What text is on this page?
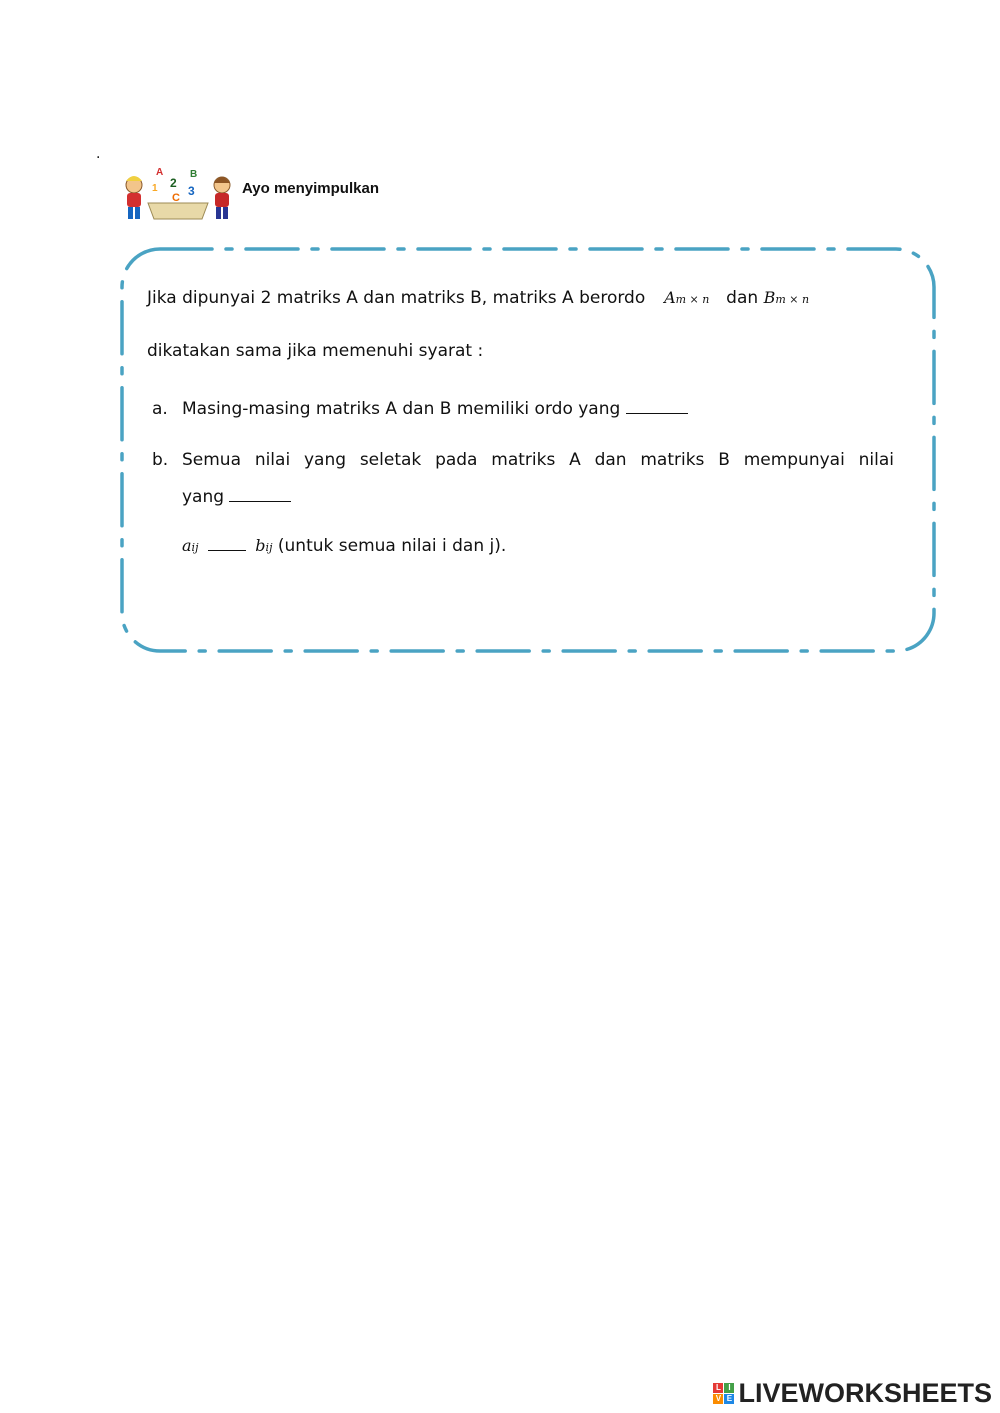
.
A	B
1 2
3
C
Ayo menyimpulkan
Jika dipunyai 2 matriks A dan matriks B, matriks A berordo Am × n dan Bm × n
dikatakan sama jika memenuhi syarat :
a. Masing-masing matriks A dan B memiliki ordo yang
b. Semua nilai yang seletak pada matriks A dan matriks B mempunyai nilai
yang
aij	bij (untuk semua nilai i dan j).
L I
V E LIVEWORKSHEETS
